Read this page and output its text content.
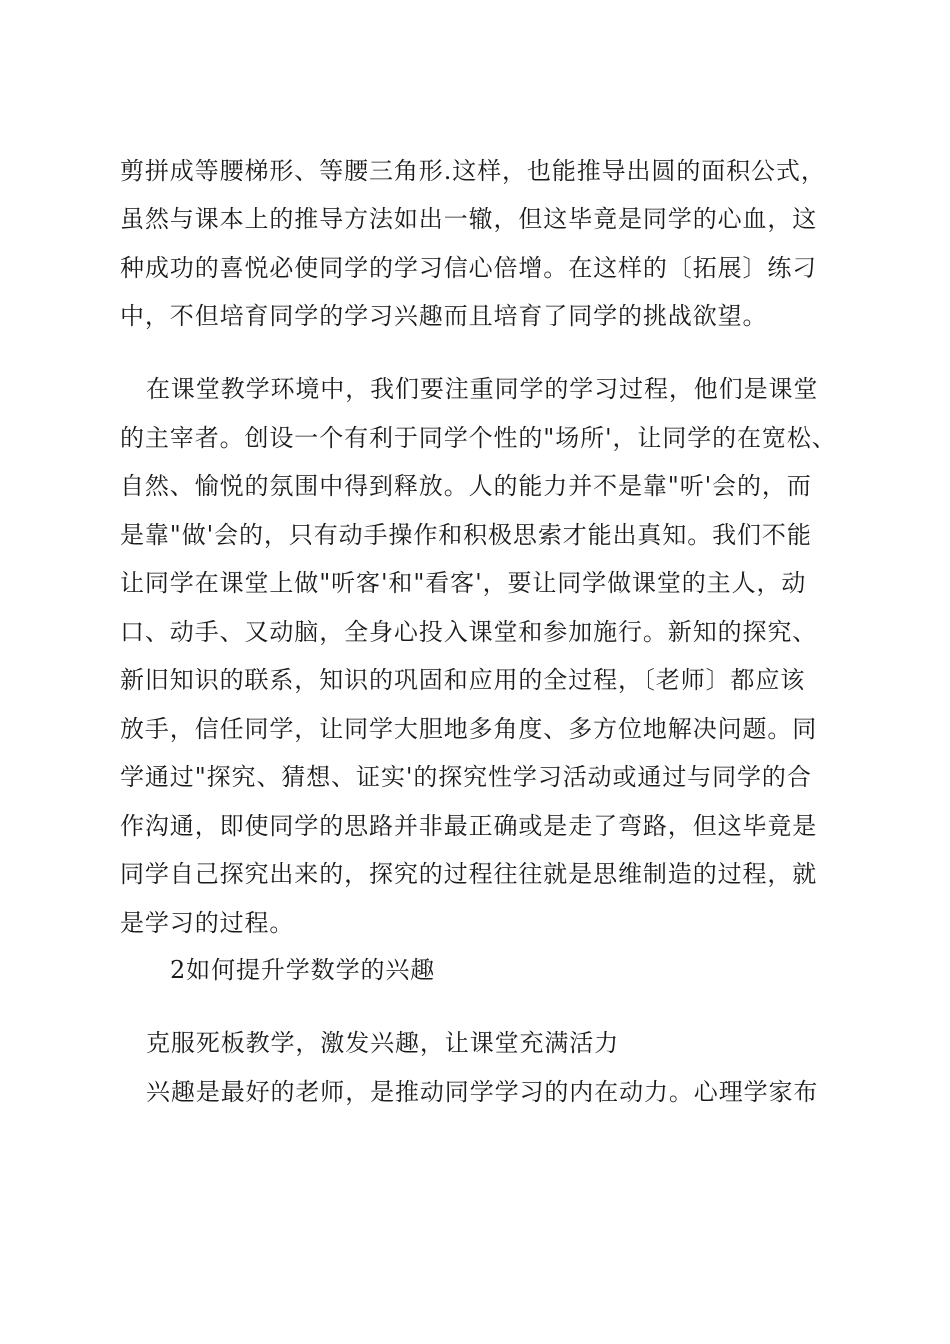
剪拼成等腰梯形、等腰三角形.这样，也能推导出圆的面积公式，
虽然与课本上的推导方法如出一辙，但这毕竟是同学的心血，这
种成功的喜悦必使同学的学习信心倍增。在这样的〔拓展〕练刁
中，不但培育同学的学习兴趣而且培育了同学的挑战欲望。
在课堂教学环境中，我们要注重同学的学习过程，他们是课堂
的主宰者。创设一个有利于同学个性的"场所'，让同学的在宽松、
自然、愉悦的氛围中得到释放。人的能力并不是靠"听'会的，而
是靠"做'会的，只有动手操作和积极思索才能出真知。我们不能
让同学在课堂上做"听客'和"看客'，要让同学做课堂的主人，动
口、动手、又动脑，全身心投入课堂和参加施行。新知的探究、
新旧知识的联系，知识的巩固和应用的全过程，〔老师〕都应该
放手，信任同学，让同学大胆地多角度、多方位地解决问题。同
学通过"探究、猜想、证实'的探究性学习活动或通过与同学的合
作沟通，即使同学的思路并非最正确或是走了弯路，但这毕竟是
同学自己探究出来的，探究的过程往往就是思维制造的过程，就
是学习的过程。
2如何提升学数学的兴趣
克服死板教学，激发兴趣，让课堂充满活力
兴趣是最好的老师，是推动同学学习的内在动力。心理学家布
